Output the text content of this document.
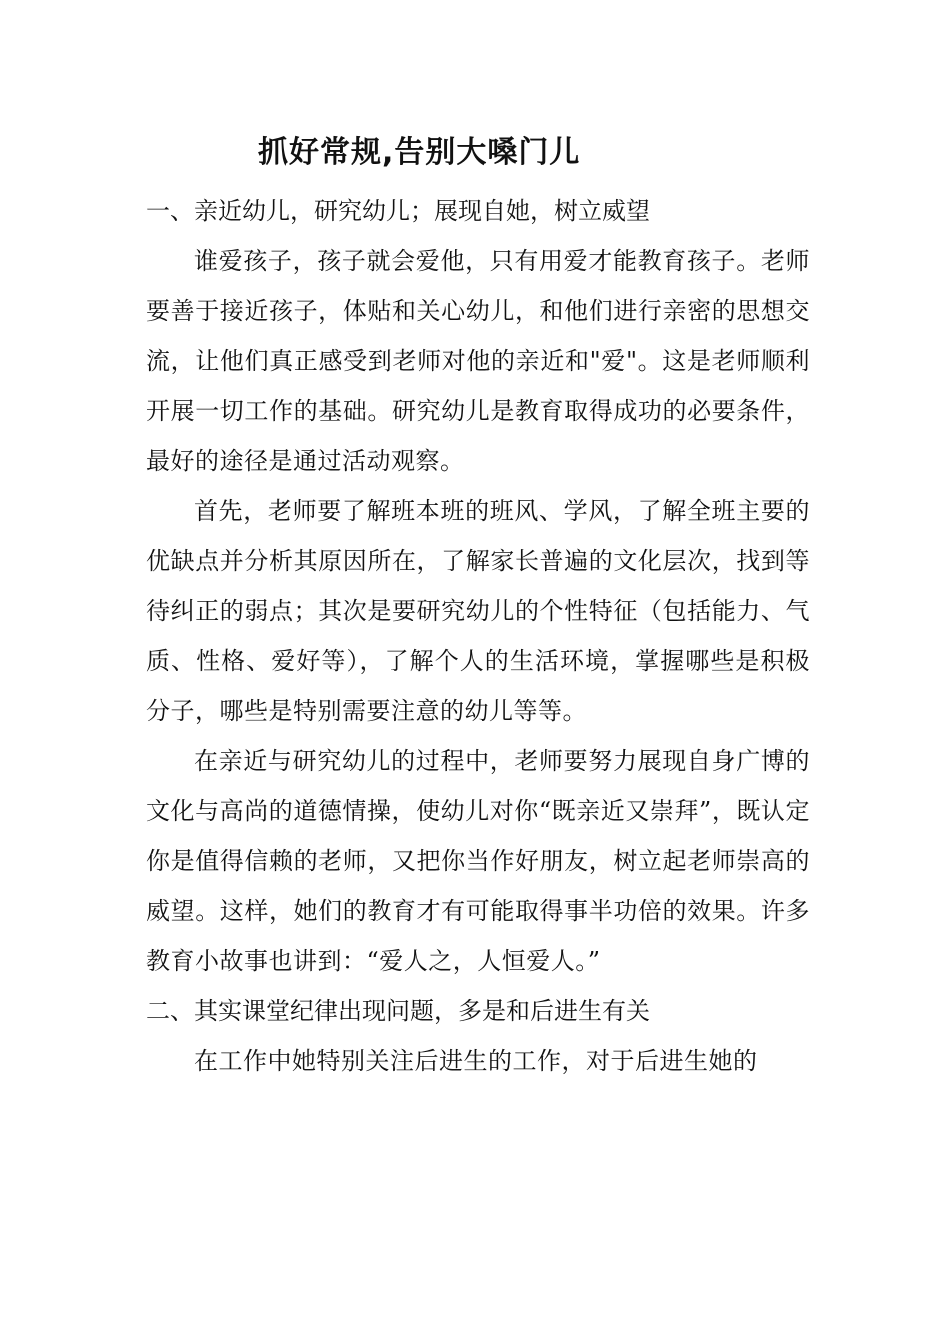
抓好常规,告别大嗓门儿

一、亲近幼儿，研究幼儿；展现自她，树立威望

谁爱孩子，孩子就会爱他，只有用爱才能教育孩子。老师要善于接近孩子，体贴和关心幼儿，和他们进行亲密的思想交流，让他们真正感受到老师对他的亲近和"爱"。这是老师顺利开展一切工作的基础。研究幼儿是教育取得成功的必要条件，最好的途径是通过活动观察。

首先，老师要了解班本班的班风、学风，了解全班主要的优缺点并分析其原因所在，了解家长普遍的文化层次，找到等待纠正的弱点；其次是要研究幼儿的个性特征（包括能力、气质、性格、爱好等），了解个人的生活环境，掌握哪些是积极分子，哪些是特别需要注意的幼儿等等。

在亲近与研究幼儿的过程中，老师要努力展现自身广博的文化与高尚的道德情操，使幼儿对你“既亲近又崇拜”，既认定你是值得信赖的老师，又把你当作好朋友，树立起老师崇高的威望。这样，她们的教育才有可能取得事半功倍的效果。许多教育小故事也讲到：“爱人之，人恒爱人。”

二、其实课堂纪律出现问题，多是和后进生有关

在工作中她特别关注后进生的工作，对于后进生她的
